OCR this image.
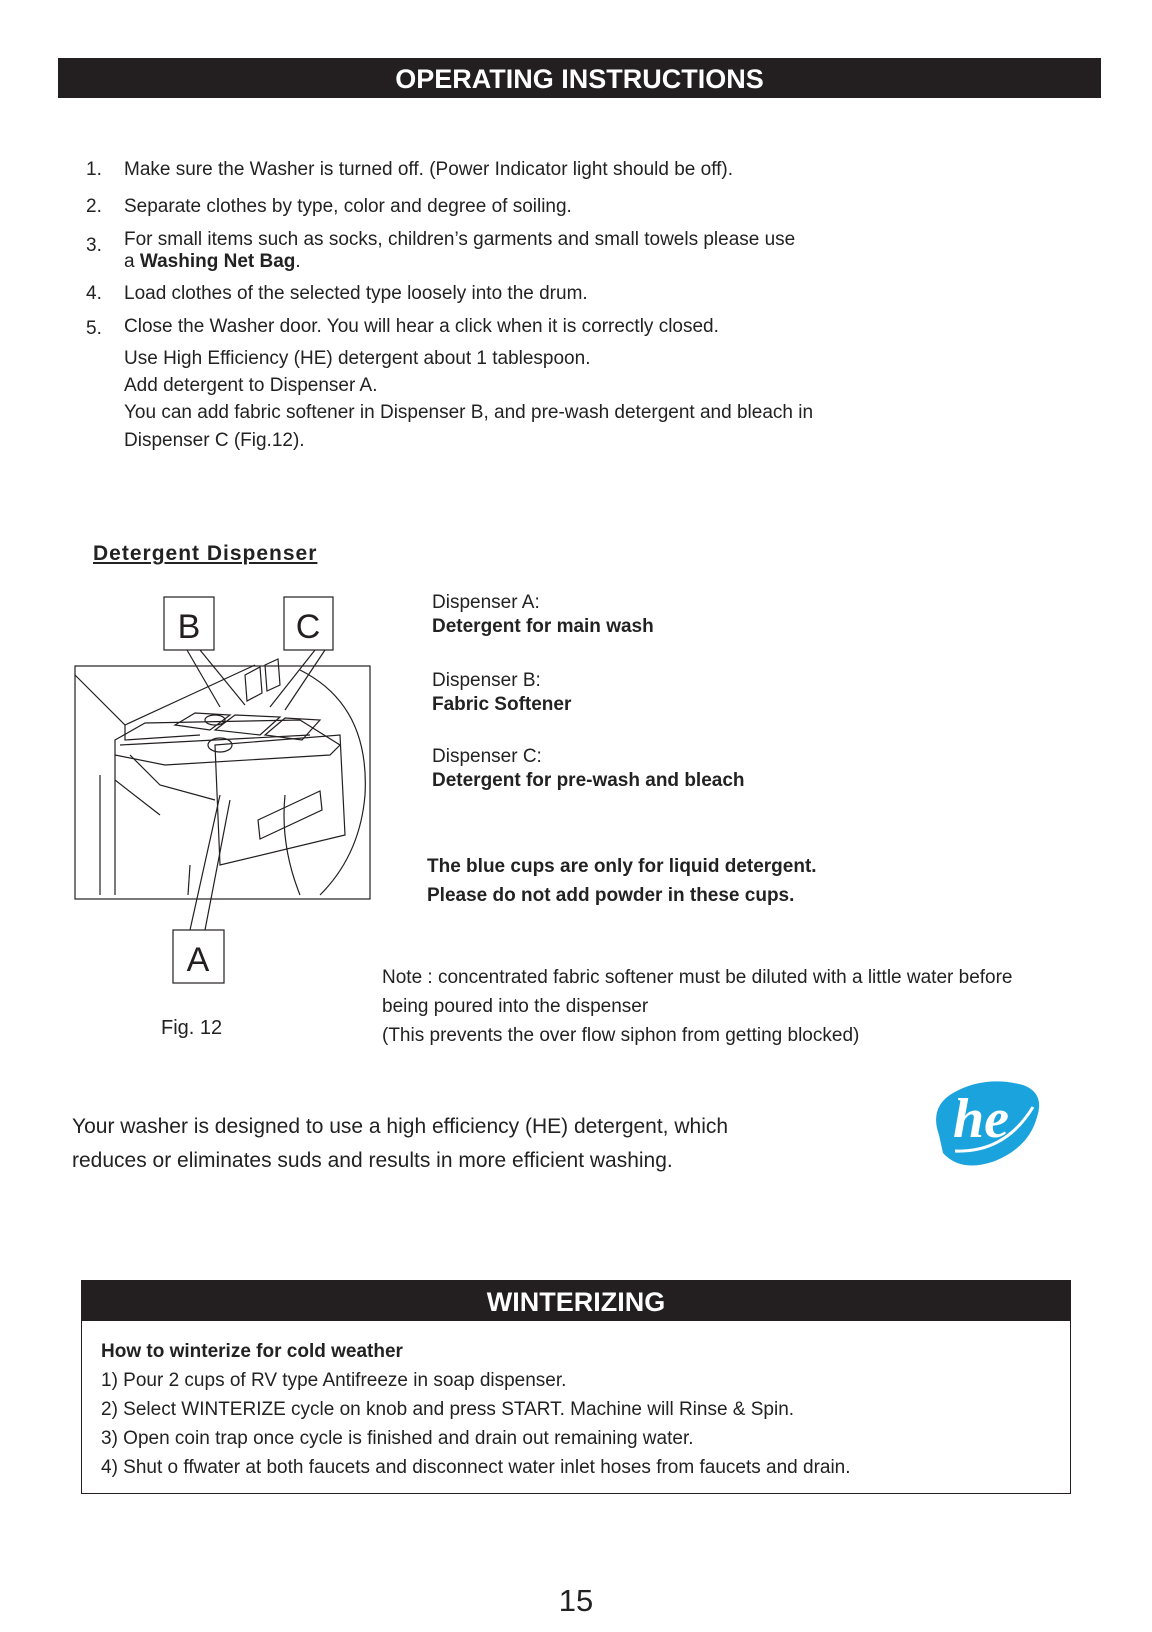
OPERATING INSTRUCTIONS
1.	Make sure the Washer is turned off. (Power Indicator light should be off).
2.	Separate clothes by type, color and degree of soiling.
3.	For small items such as socks, children’s garments and small towels please use
a Washing Net Bag.
4.	Load clothes of the selected type loosely into the drum.
5.	Close the Washer door. You will hear a click when it is correctly closed.
Use High Efficiency (HE) detergent about 1 tablespoon.
Add detergent to Dispenser A.
You can add fabric softener in Dispenser B, and pre-wash detergent and bleach in
Dispenser C (Fig.12).
Detergent Dispenser
B	C
A
Fig. 12
Dispenser A:
Detergent for main wash
Dispenser B:
Fabric Softener
Dispenser C:
Detergent for pre-wash and bleach
The blue cups are only for liquid detergent.
Please do not add powder in these cups.
Note : concentrated fabric softener must be diluted with a little water before
being poured into the dispenser
(This prevents the over flow siphon from getting blocked)
Your washer is designed to use a high efficiency (HE) detergent, which
reduces or eliminates suds and results in more efficient washing.
he
WINTERIZING
How to winterize for cold weather
1) Pour 2 cups of RV type Antifreeze in soap dispenser.
2) Select WINTERIZE cycle on knob and press START. Machine will Rinse & Spin.
3) Open coin trap once cycle is finished and drain out remaining water.
4) Shut o ffwater at both faucets and disconnect water inlet hoses from faucets and drain.
15
